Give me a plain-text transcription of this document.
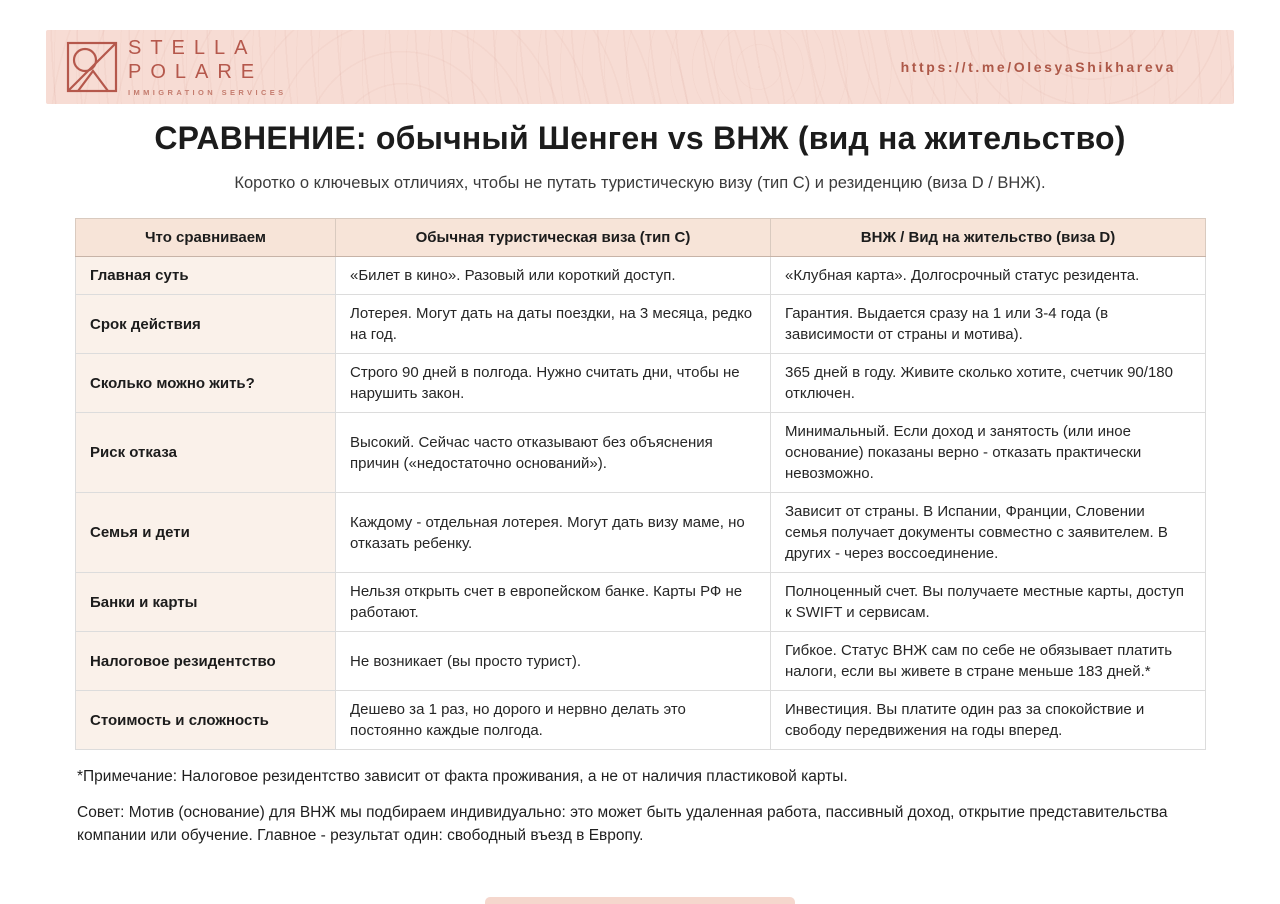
STELLA
POLARE
IMMIGRATION SERVICES
https://t.me/OlesyaShikhareva
СРАВНЕНИЕ: обычный Шенген vs ВНЖ (вид на жительство)
Коротко о ключевых отличиях, чтобы не путать туристическую визу (тип C) и резиденцию (виза D / ВНЖ).
Что сравниваем	Обычная туристическая виза (тип C)	ВНЖ / Вид на жительство (виза D)
Главная суть	«Билет в кино». Разовый или короткий доступ.	«Клубная карта». Долгосрочный статус резидента.
Срок действия	Лотерея. Могут дать на даты поездки, на 3 месяца, редко на год.	Гарантия. Выдается сразу на 1 или 3-4 года (в зависимости от страны и мотива).
Сколько можно жить?	Строго 90 дней в полгода. Нужно считать дни, чтобы не нарушить закон.	365 дней в году. Живите сколько хотите, счетчик 90/180 отключен.
Риск отказа	Высокий. Сейчас часто отказывают без объяснения причин («недостаточно оснований»).	Минимальный. Если доход и занятость (или иное основание) показаны верно - отказать практически невозможно.
Семья и дети	Каждому - отдельная лотерея. Могут дать визу маме, но отказать ребенку.	Зависит от страны. В Испании, Франции, Словении семья получает документы совместно с заявителем. В других - через воссоединение.
Банки и карты	Нельзя открыть счет в европейском банке. Карты РФ не работают.	Полноценный счет. Вы получаете местные карты, доступ к SWIFT и сервисам.
Налоговое резидентство	Не возникает (вы просто турист).	Гибкое. Статус ВНЖ сам по себе не обязывает платить налоги, если вы живете в стране меньше 183 дней.*
Стоимость и сложность	Дешево за 1 раз, но дорого и нервно делать это постоянно каждые полгода.	Инвестиция. Вы платите один раз за спокойствие и свободу передвижения на годы вперед.
*Примечание: Налоговое резидентство зависит от факта проживания, а не от наличия пластиковой карты.
Совет: Мотив (основание) для ВНЖ мы подбираем индивидуально: это может быть удаленная работа, пассивный доход, открытие представительства компании или обучение. Главное - результат один: свободный въезд в Европу.
